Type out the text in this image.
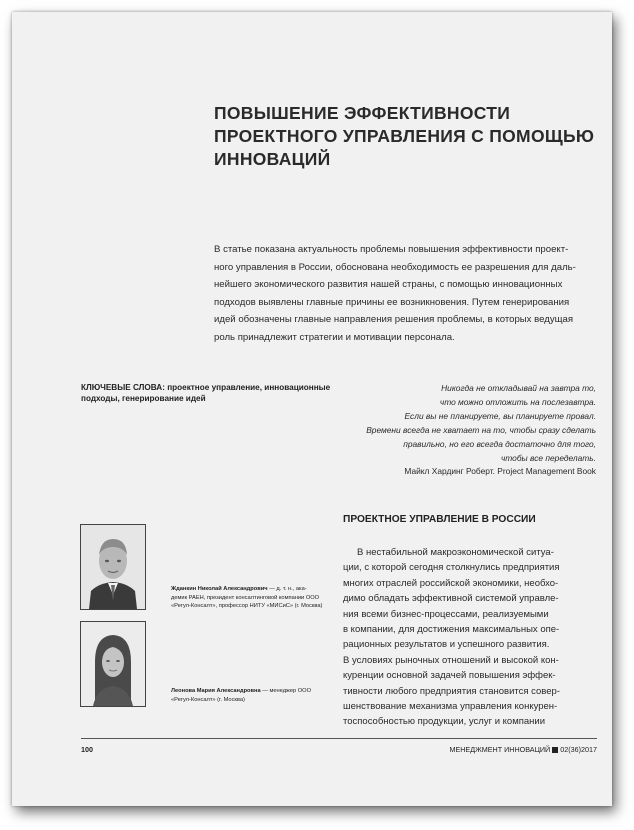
ПОВЫШЕНИЕ ЭФФЕКТИВНОСТИ
ПРОЕКТНОГО УПРАВЛЕНИЯ С ПОМОЩЬЮ
ИННОВАЦИЙ
В статье показана актуальность проблемы повышения эффективности проект-
ного управления в России, обоснована необходимость ее разрешения для даль-
нейшего экономического развития нашей страны, с помощью инновационных
подходов выявлены главные причины ее возникновения. Путем генерирования
идей обозначены главные направления решения проблемы, в которых ведущая
роль принадлежит стратегии и мотивации персонала.
КЛЮЧЕВЫЕ СЛОВА: проектное управление, инновационные
подходы, генерирование идей
Никогда не откладывай на завтра то,
что можно отложить на послезавтра.
Если вы не планируете, вы планируете провал.
Времени всегда не хватает на то, чтобы сразу сделать
правильно, но его всегда достаточно для того,
чтобы все переделать.
Майкл Хардинг Роберт. Project Management Book
Жданкин Николай Александрович — д. т. н., ака-
демик РАЕН, президент консалтинговой компании ООО
«Регул-Консалт», профессор НИТУ «МИСиС» (г. Москва)
Леонова Мария Александровна — менеджер ООО
«Регул-Консалт» (г. Москва)
ПРОЕКТНОЕ УПРАВЛЕНИЕ В РОССИИ
В нестабильной макроэкономической ситуа-
ции, с которой сегодня столкнулись предприятия
многих отраслей российской экономики, необхо-
димо обладать эффективной системой управле-
ния всеми бизнес-процессами, реализуемыми
в компании, для достижения максимальных опе-
рационных результатов и успешного развития.
В условиях рыночных отношений и высокой кон-
куренции основной задачей повышения эффек-
тивности любого предприятия становится совер-
шенствование механизма управления конкурен-
тоспособностью продукции, услуг и компании
100	МЕНЕДЖМЕНТ ИННОВАЦИЙ 02(36)2017
